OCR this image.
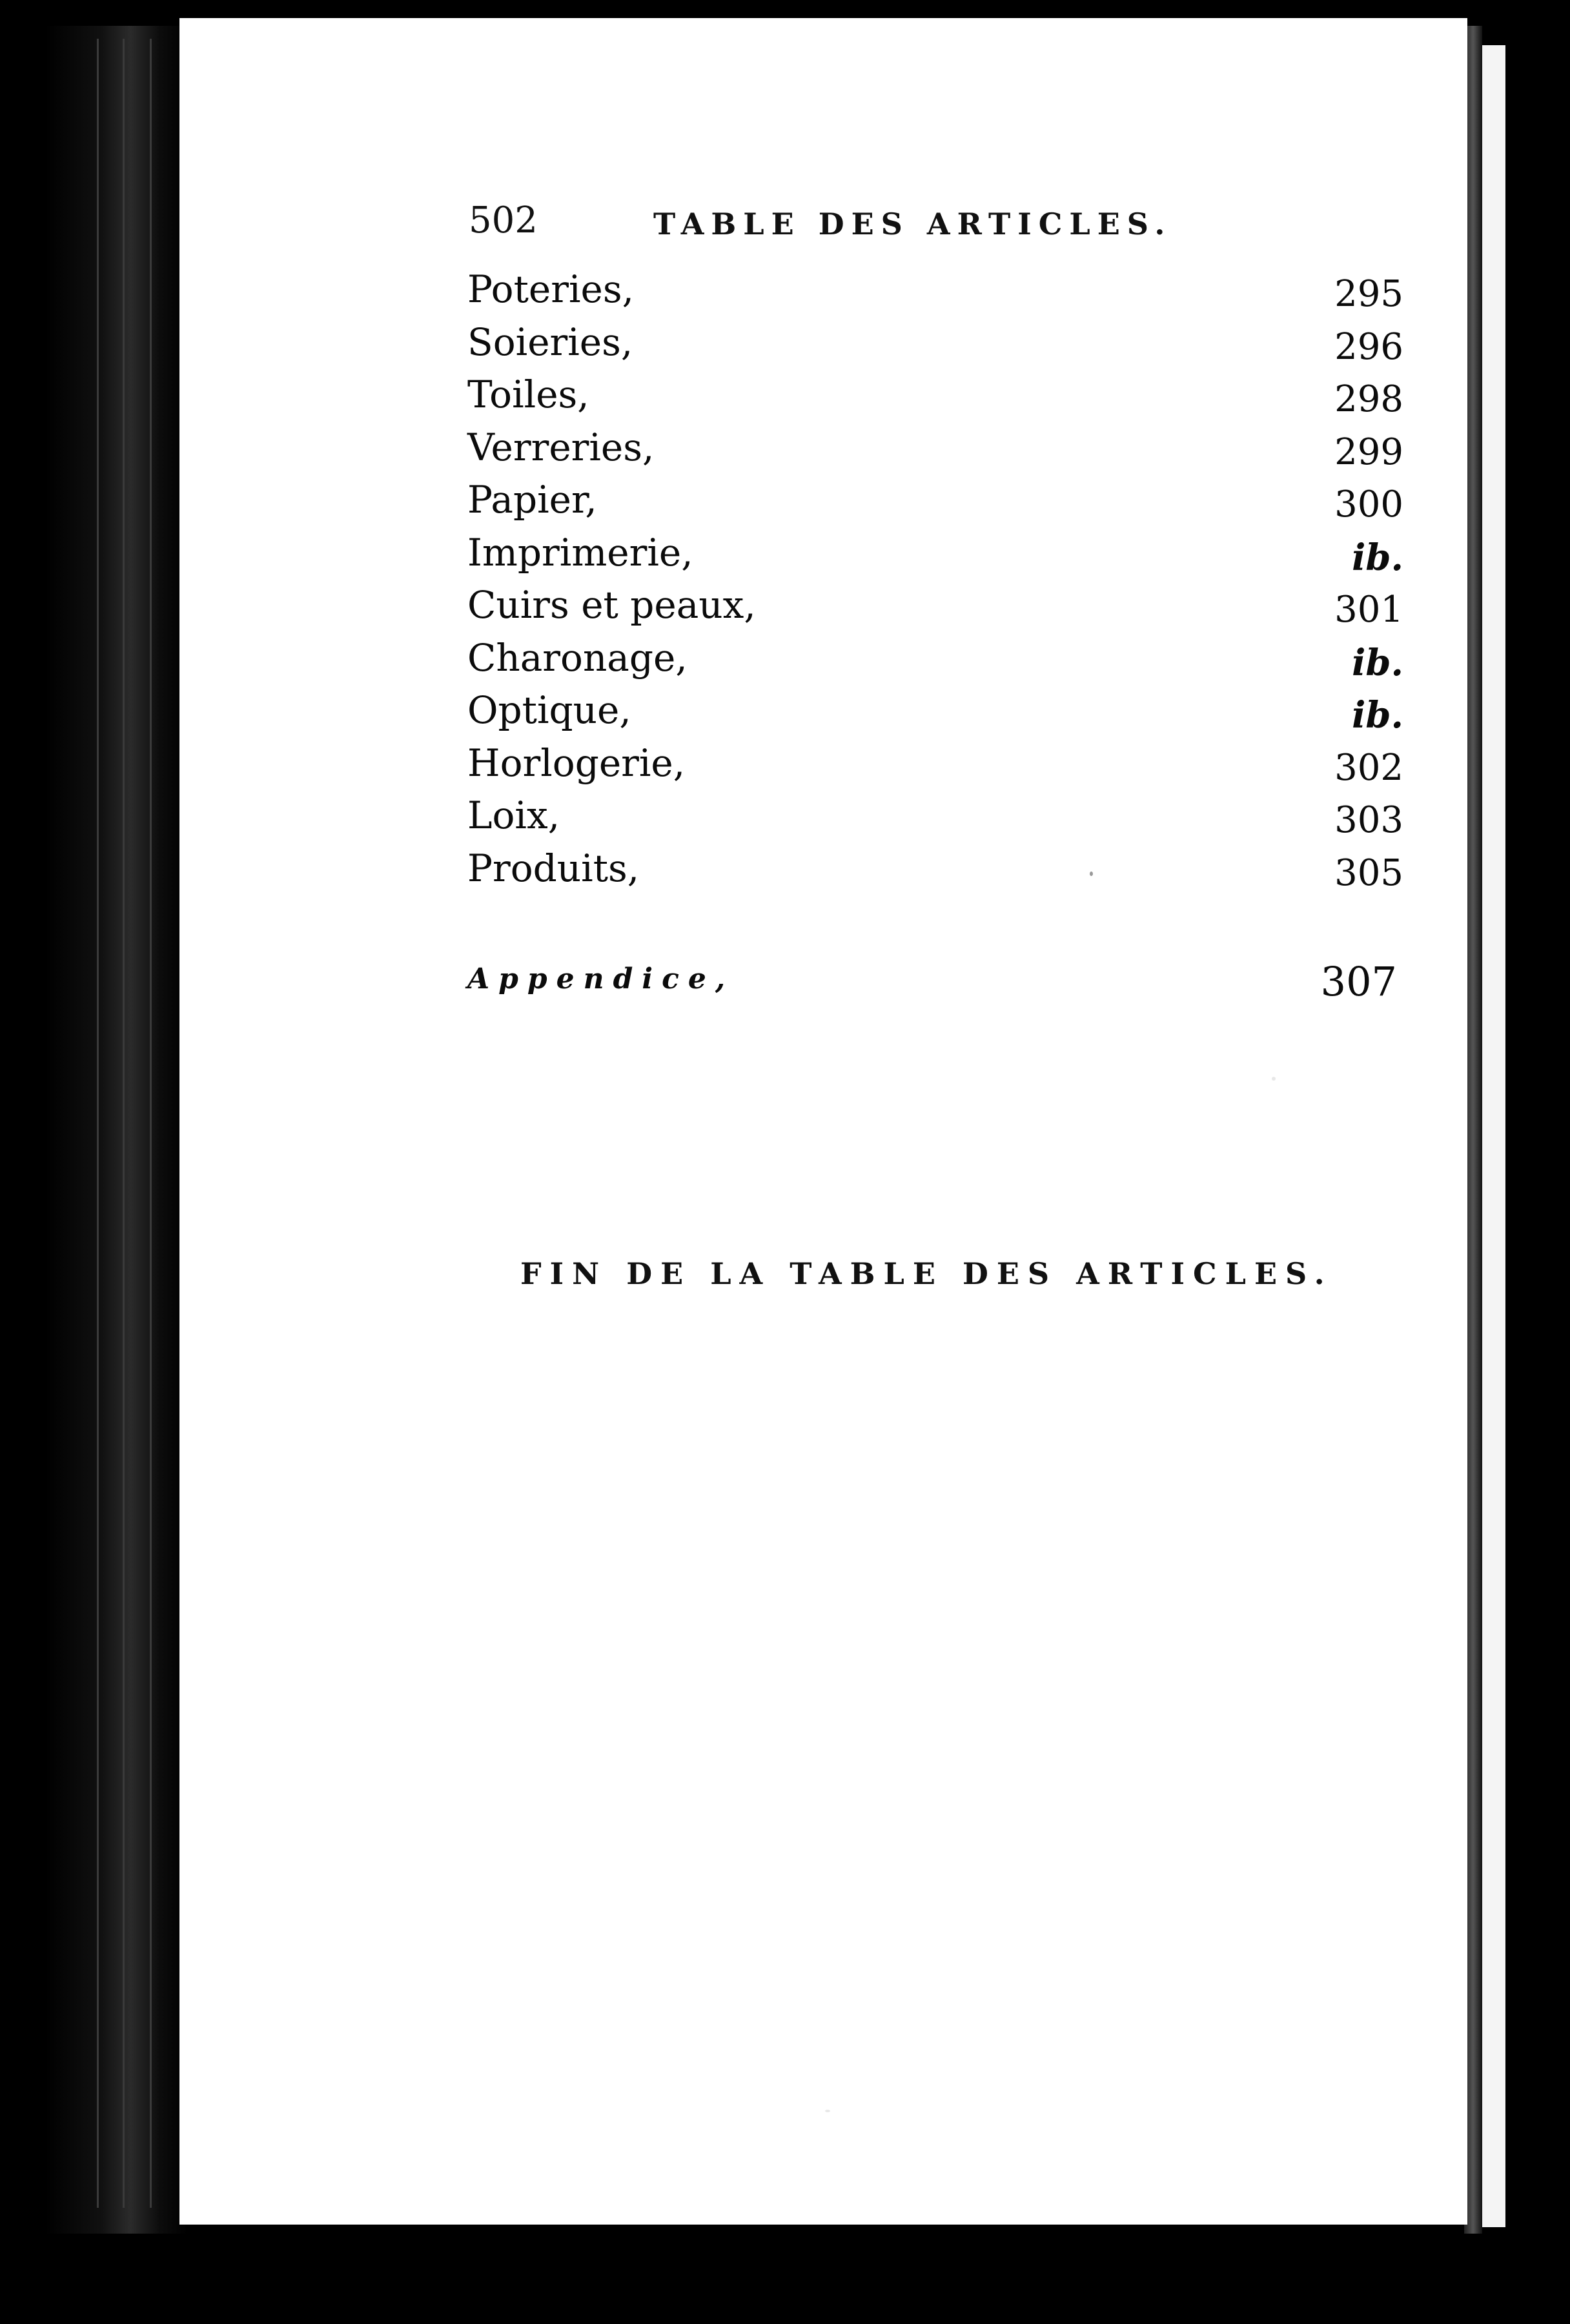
502	TABLE DES ARTICLES.
Poteries,	295
Soieries,	296
Toiles,	298
Verreries,	299
Papier,	300
Imprimerie,	ib.
Cuirs et peaux,	301
Charonage,	ib.
Optique,	ib.
Horlogerie,	302
Loix,	303
Produits,	305
Appendice,	307
FIN DE LA TABLE DES ARTICLES.
